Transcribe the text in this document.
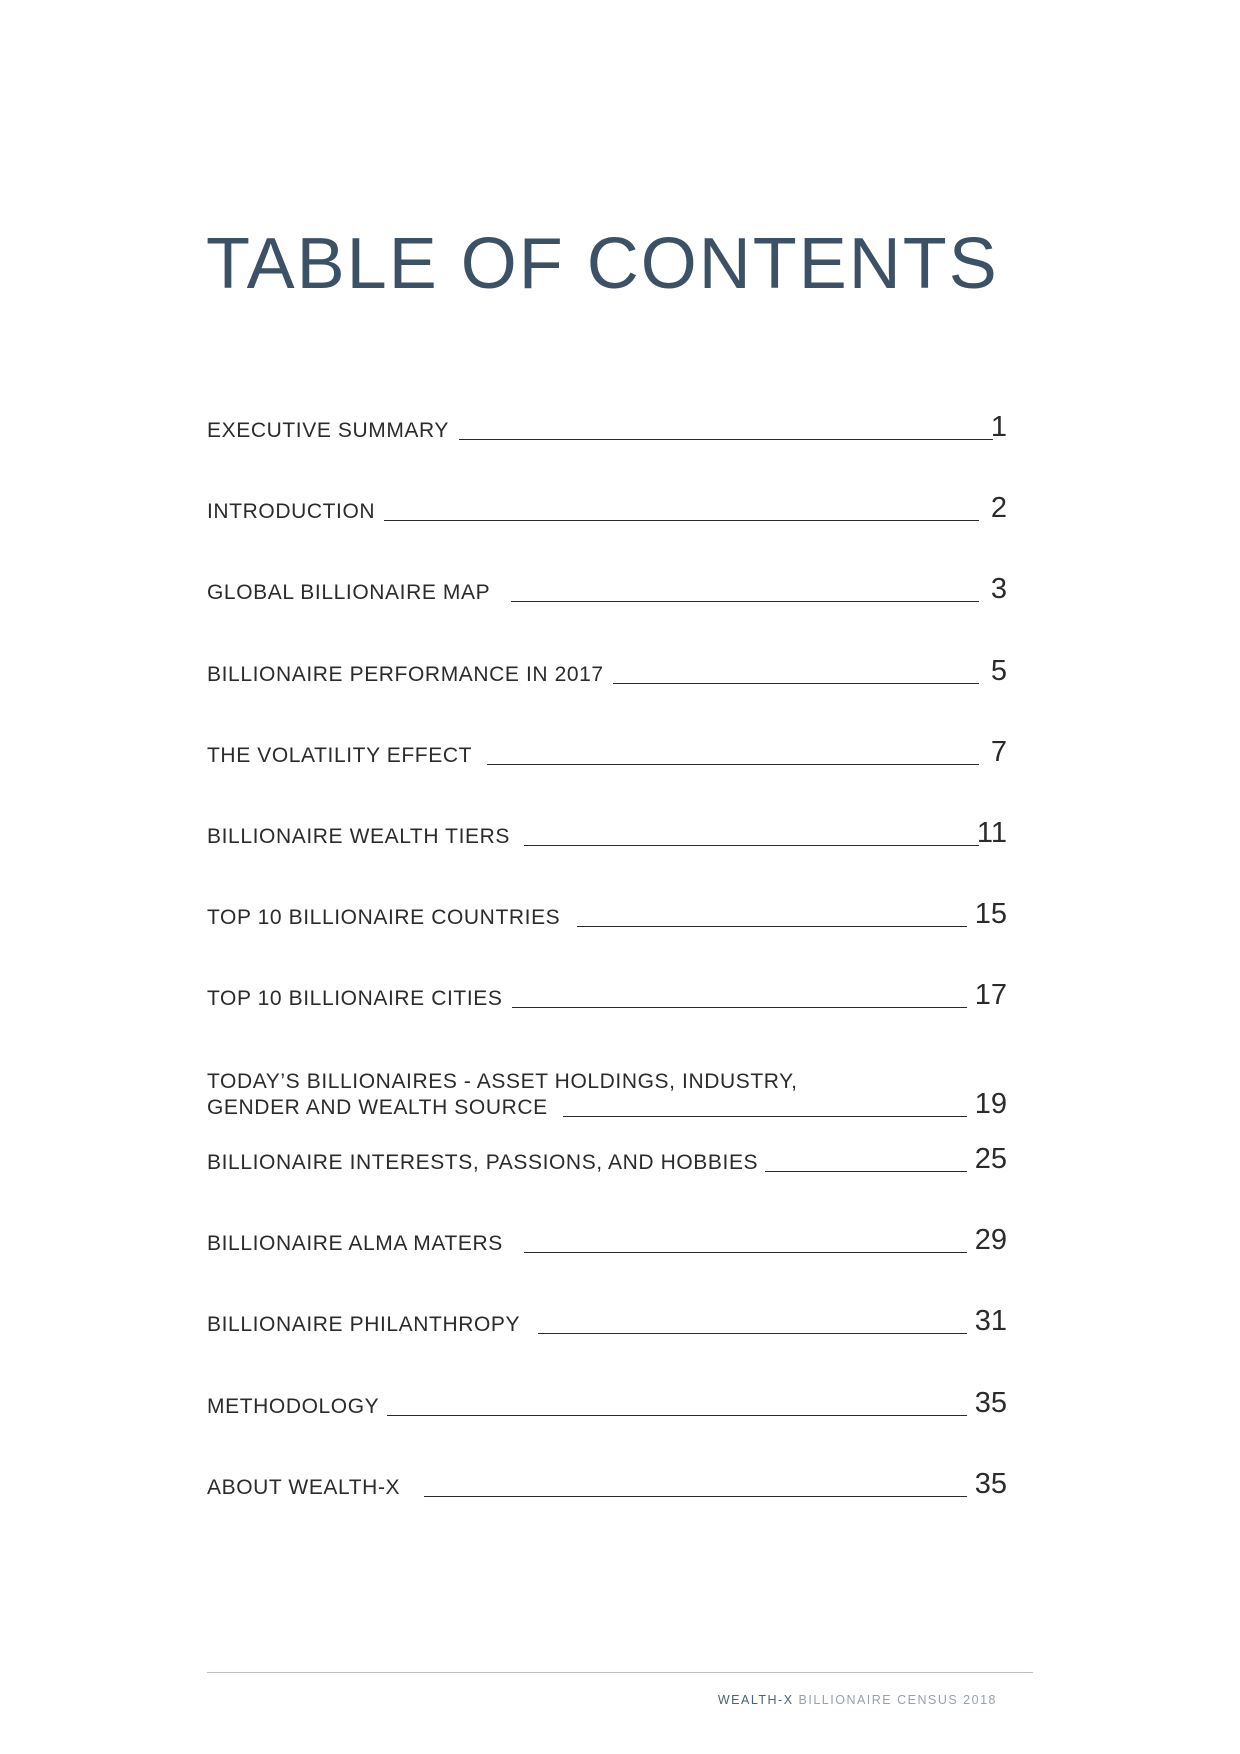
TABLE OF CONTENTS
EXECUTIVE SUMMARY	1
INTRODUCTION	2
GLOBAL BILLIONAIRE MAP	3
BILLIONAIRE PERFORMANCE IN 2017	5
THE VOLATILITY EFFECT	7
BILLIONAIRE WEALTH TIERS	11
TOP 10 BILLIONAIRE COUNTRIES	15
TOP 10 BILLIONAIRE CITIES	17
TODAY’S BILLIONAIRES - ASSET HOLDINGS, INDUSTRY,
GENDER AND WEALTH SOURCE	19
BILLIONAIRE INTERESTS, PASSIONS, AND HOBBIES	25
BILLIONAIRE ALMA MATERS	29
BILLIONAIRE PHILANTHROPY	31
METHODOLOGY	35
ABOUT WEALTH-X	35
WEALTH-X BILLIONAIRE CENSUS 2018
